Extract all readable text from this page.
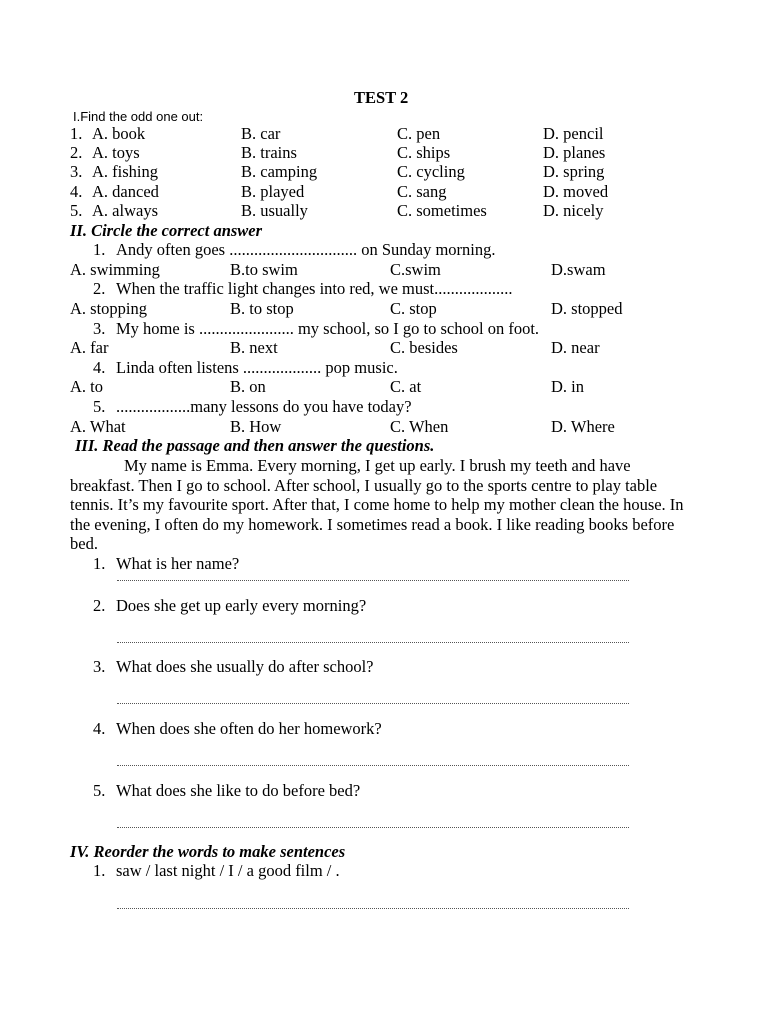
TEST 2
I.Find the odd one out:
1. A. book	B. car	C. pen	D. pencil
2. A. toys	B. trains	C. ships	D. planes
3. A. fishing	B. camping	C. cycling	D. spring
4. A. danced	B. played	C. sang	D. moved
5. A. always	B. usually	C. sometimes	D. nicely
II. Circle the correct answer
1. Andy often goes ............................... on Sunday morning.
A. swimming	B.to swim	C.swim	D.swam
2. When the traffic light changes into red, we must...................
A. stopping	B. to stop	C. stop	D. stopped
3. My home is ....................... my school, so I go to school on foot.
A. far	B. next	C. besides	D. near
4. Linda often listens ................... pop music.
A. to	B. on	C. at	D. in
5. ..................many lessons do you have today?
A. What	B. How	C. When	D. Where
III. Read the passage and then answer the questions.
My name is Emma. Every morning, I get up early. I brush my teeth and have breakfast. Then I go to school. After school, I usually go to the sports centre to play table tennis. It’s my favourite sport. After that, I come home to help my mother clean the house. In the evening, I often do my homework. I sometimes read a book. I like reading books before bed.
1. What is her name?
2. Does she get up early every morning?
3. What does she usually do after school?
4. When does she often do her homework?
5. What does she like to do before bed?
IV. Reorder the words to make sentences
1. saw / last night / I / a good film / .
